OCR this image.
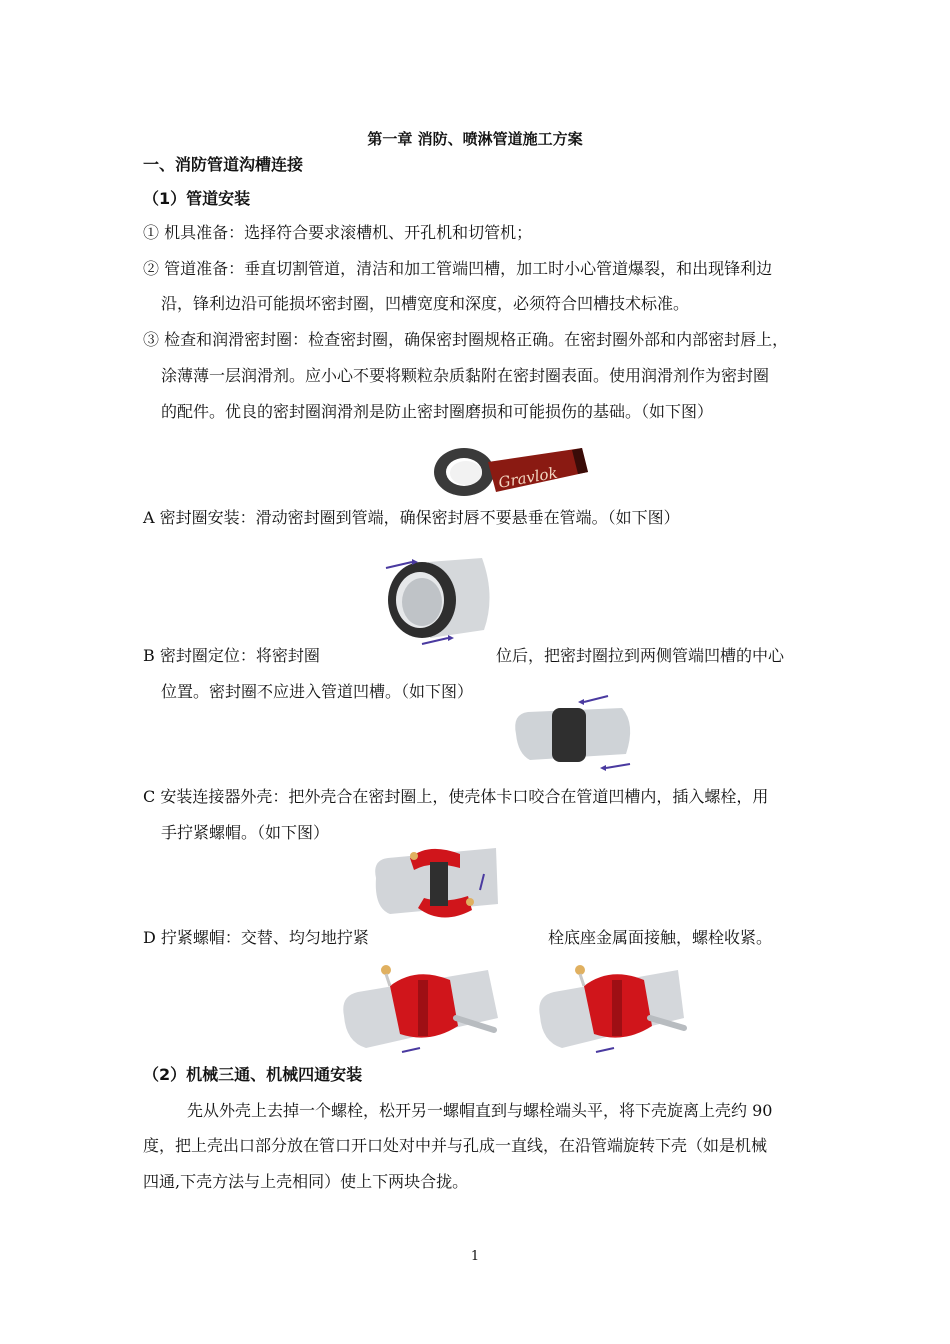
第一章 消防、喷淋管道施工方案
一、消防管道沟槽连接
（1）管道安装
① 机具准备：选择符合要求滚槽机、开孔机和切管机；
② 管道准备：垂直切割管道，清洁和加工管端凹槽，加工时小心管道爆裂，和出现锋利边
沿，锋利边沿可能损坏密封圈，凹槽宽度和深度，必须符合凹槽技术标准。
③ 检查和润滑密封圈：检查密封圈，确保密封圈规格正确。在密封圈外部和内部密封唇上，
涂薄薄一层润滑剂。应小心不要将颗粒杂质黏附在密封圈表面。使用润滑剂作为密封圈
的配件。优良的密封圈润滑剂是防止密封圈磨损和可能损伤的基础。（如下图）
Gravlok
A 密封圈安装：滑动密封圈到管端，确保密封唇不要悬垂在管端。（如下图）
B 密封圈定位：将密封圈	位后，把密封圈拉到两侧管端凹槽的中心
位置。密封圈不应进入管道凹槽。（如下图）
C 安装连接器外壳：把外壳合在密封圈上，使壳体卡口咬合在管道凹槽内，插入螺栓，用
手拧紧螺帽。（如下图）
D 拧紧螺帽：交替、均匀地拧紧	栓底座金属面接触，螺栓收紧。
（2）机械三通、机械四通安装
先从外壳上去掉一个螺栓，松开另一螺帽直到与螺栓端头平，将下壳旋离上壳约 90
度，把上壳出口部分放在管口开口处对中并与孔成一直线，在沿管端旋转下壳（如是机械
四通,下壳方法与上壳相同）使上下两块合拢。
1
